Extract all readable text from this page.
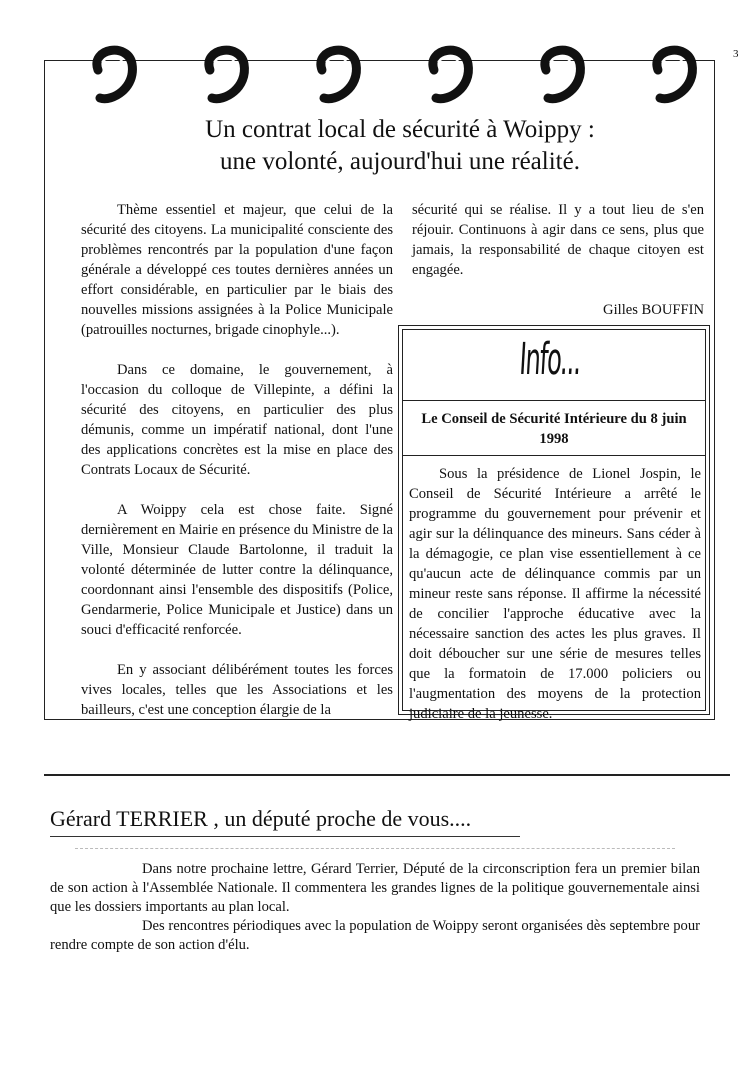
3
Un contrat local de sécurité à Woippy :
une volonté, aujourd'hui une réalité.

Thème essentiel et majeur, que celui de la sécurité des citoyens. La municipalité consciente des problèmes rencontrés par la population d'une façon générale a développé ces toutes dernières années un effort considérable, en particulier par le biais des nouvelles missions assignées à la Police Municipale (patrouilles nocturnes, brigade cinophyle...).

Dans ce domaine, le gouvernement, à l'occasion du colloque de Villepinte, a défini la sécurité des citoyens, en particulier des plus démunis, comme un impératif national, dont l'une des applications concrètes est la mise en place des Contrats Locaux de Sécurité.

A Woippy cela est chose faite. Signé dernièrement en Mairie en présence du Ministre de la Ville, Monsieur Claude Bartolonne, il traduit la volonté déterminée de lutter contre la délinquance, coordonnant ainsi l'ensemble des dispositifs (Police, Gendarmerie, Police Municipale et Justice) dans un souci d'efficacité renforcée.

En y associant délibérément toutes les forces vives locales, telles que les Associations et les bailleurs, c'est une conception élargie de la

sécurité qui se réalise. Il y a tout lieu de s'en réjouir. Continuons à agir dans ce sens, plus que jamais, la responsabilité de chaque citoyen est engagée.

Gilles BOUFFIN

Info...
Le Conseil de Sécurité Intérieure du 8 juin 1998
Sous la présidence de Lionel Jospin, le Conseil de Sécurité Intérieure a arrêté le programme du gouvernement pour prévenir et agir sur la délinquance des mineurs. Sans céder à la démagogie, ce plan vise essentiellement à ce qu'aucun acte de délinquance commis par un mineur reste sans réponse. Il affirme la nécessité de concilier l'approche éducative avec la nécessaire sanction des actes les plus graves. Il doit déboucher sur une série de mesures telles que la formatoin de 17.000 policiers ou l'augmentation des moyens de la protection judiciaire de la jeunesse.
Gérard TERRIER , un député proche de vous....

Dans notre prochaine lettre, Gérard Terrier, Député de la circonscription fera un premier bilan de son action à l'Assemblée Nationale. Il commentera les grandes lignes de la politique gouvernementale ainsi que les dossiers importants au plan local.

Des rencontres périodiques avec la population de Woippy seront organisées dès septembre pour rendre compte de son action d'élu.
